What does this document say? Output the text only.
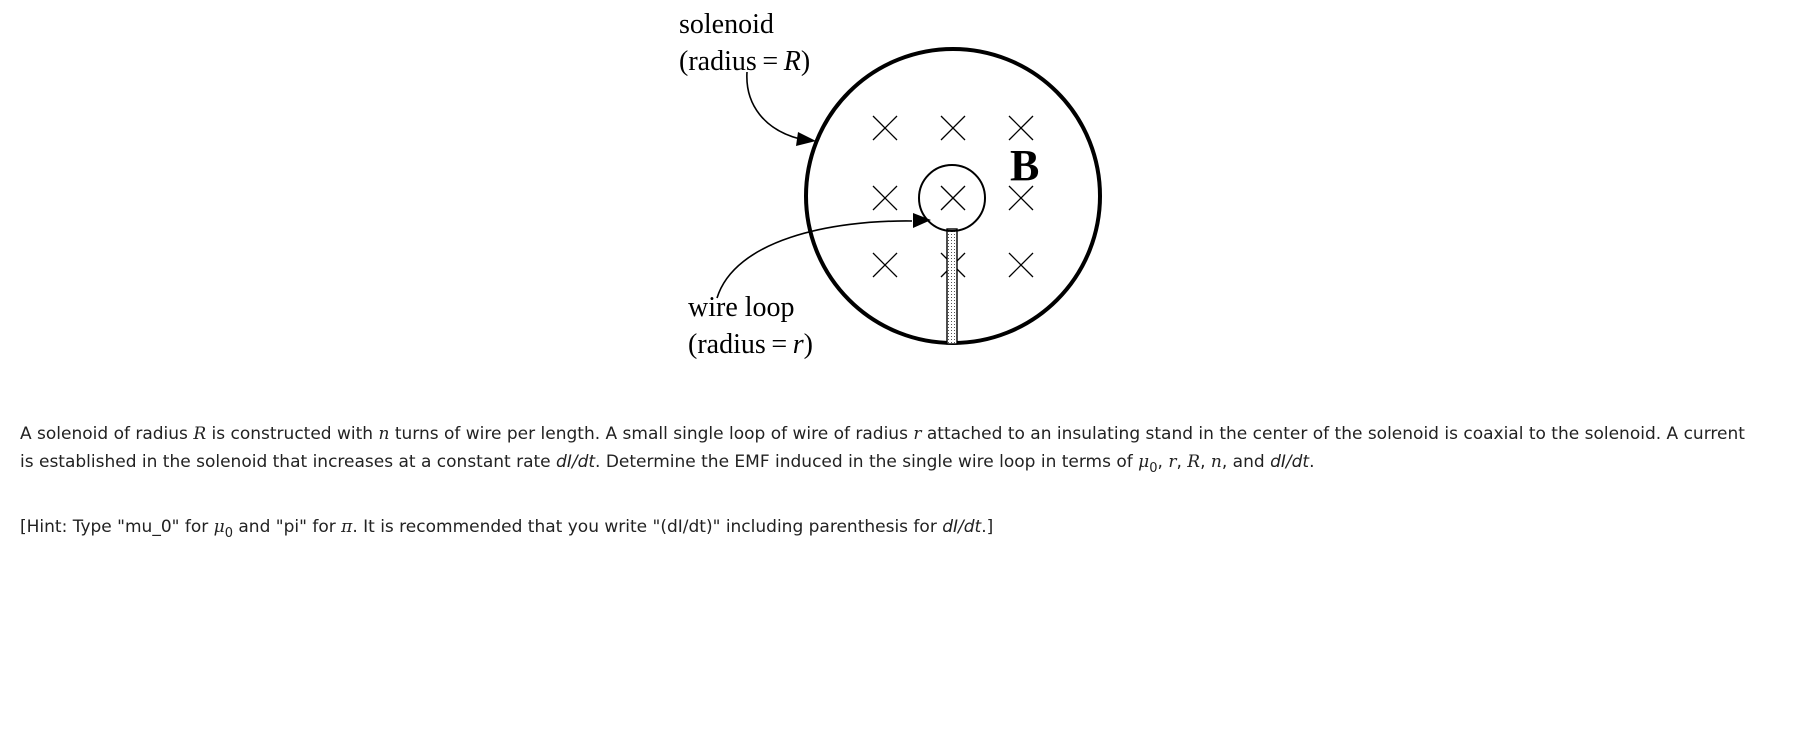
B
solenoid
(radius = R)
wire loop
(radius = r)

A solenoid of radius R is constructed with n turns of wire per length. A small single loop of wire of radius r attached to an insulating stand in the center of the solenoid is coaxial to the solenoid. A current is established in the solenoid that increases at a constant rate dI/dt. Determine the EMF induced in the single wire loop in terms of $\mu_0$, r, R, n, and dI/dt.

[Hint: Type "mu_0" for $\mu_0$ and "pi" for π. It is recommended that you write "(dI/dt)" including parenthesis for dI/dt.]
